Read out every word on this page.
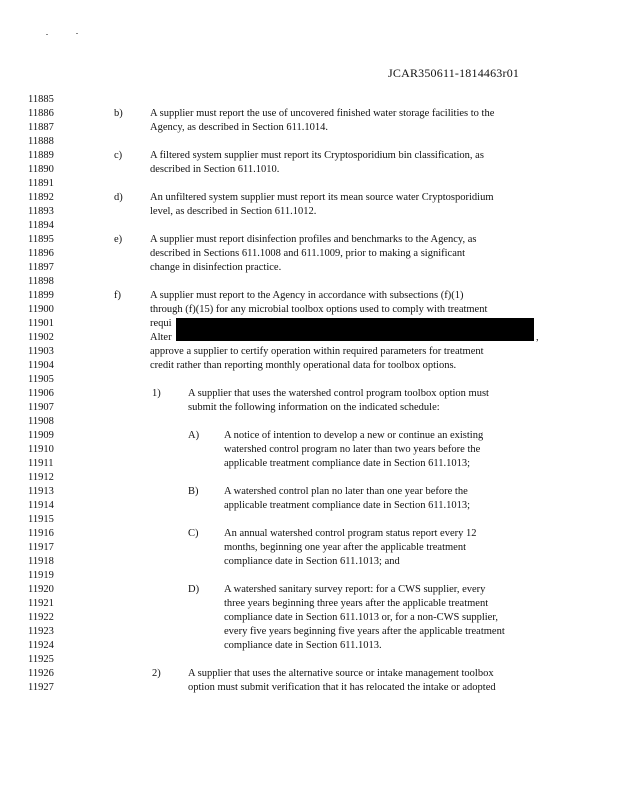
JCAR350611-1814463r01
11885
11886
11887
11888
11889
11890
11891
11892
11893
11894
11895
11896
11897
11898
11899
11900
11901
11902
11903
11904
11905
11906
11907
11908
11909
11910
11911
11912
11913
11914
11915
11916
11917
11918
11919
11920
11921
11922
11923
11924
11925
11926
11927
b)	A supplier must report the use of uncovered finished water storage facilities to the
Agency, as described in Section 611.1014.
c)	A filtered system supplier must report its Cryptosporidium bin classification, as
described in Section 611.1010.
d)	An unfiltered system supplier must report its mean source water Cryptosporidium
level, as described in Section 611.1012.
e)	A supplier must report disinfection profiles and benchmarks to the Agency, as
described in Sections 611.1008 and 611.1009, prior to making a significant
change in disinfection practice.
f)	A supplier must report to the Agency in accordance with subsections (f)(1)
through (f)(15) for any microbial toolbox options used to comply with treatment
requi
Alter	,
approve a supplier to certify operation within required parameters for treatment
credit rather than reporting monthly operational data for toolbox options.
1)	A supplier that uses the watershed control program toolbox option must
submit the following information on the indicated schedule:
A) A notice of intention to develop a new or continue an existing
watershed control program no later than two years before the
applicable treatment compliance date in Section 611.1013;
B) A watershed control plan no later than one year before the
applicable treatment compliance date in Section 611.1013;
C) An annual watershed control program status report every 12
months, beginning one year after the applicable treatment
compliance date in Section 611.1013; and
D) A watershed sanitary survey report: for a CWS supplier, every
three years beginning three years after the applicable treatment
compliance date in Section 611.1013 or, for a non-CWS supplier,
every five years beginning five years after the applicable treatment
compliance date in Section 611.1013.
2)	A supplier that uses the alternative source or intake management toolbox
option must submit verification that it has relocated the intake or adopted
